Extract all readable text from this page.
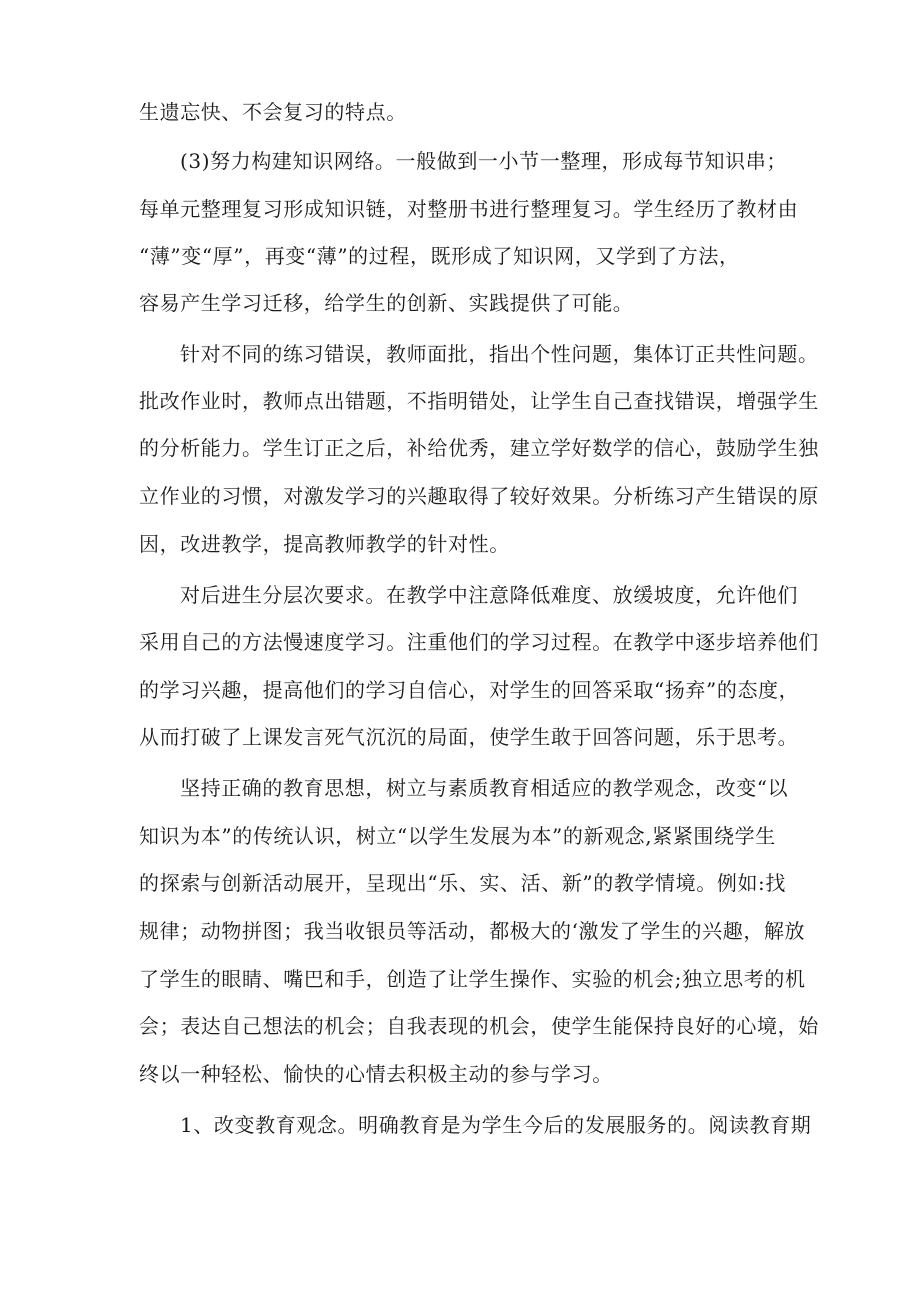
生遗忘快、不会复习的特点。
(3)努力构建知识网络。一般做到一小节一整理，形成每节知识串；
每单元整理复习形成知识链，对整册书进行整理复习。学生经历了教材由
“薄”变“厚”，再变“薄”的过程，既形成了知识网，又学到了方法，
容易产生学习迁移，给学生的创新、实践提供了可能。
针对不同的练习错误，教师面批，指出个性问题，集体订正共性问题。
批改作业时，教师点出错题，不指明错处，让学生自己查找错误，增强学生
的分析能力。学生订正之后，补给优秀，建立学好数学的信心，鼓励学生独
立作业的习惯，对激发学习的兴趣取得了较好效果。分析练习产生错误的原
因，改进教学，提高教师教学的针对性。
对后进生分层次要求。在教学中注意降低难度、放缓坡度，允许他们
采用自己的方法慢速度学习。注重他们的学习过程。在教学中逐步培养他们
的学习兴趣，提高他们的学习自信心，对学生的回答采取“扬弃”的态度，
从而打破了上课发言死气沉沉的局面，使学生敢于回答问题，乐于思考。
坚持正确的教育思想，树立与素质教育相适应的教学观念，改变“以
知识为本”的传统认识，树立“以学生发展为本”的新观念,紧紧围绕学生
的探索与创新活动展开，呈现出“乐、实、活、新”的教学情境。例如:找
规律；动物拼图；我当收银员等活动，都极大的‘激发了学生的兴趣，解放
了学生的眼睛、嘴巴和手，创造了让学生操作、实验的机会;独立思考的机
会；表达自己想法的机会；自我表现的机会，使学生能保持良好的心境，始
终以一种轻松、愉快的心情去积极主动的参与学习。
1、改变教育观念。明确教育是为学生今后的发展服务的。阅读教育期
